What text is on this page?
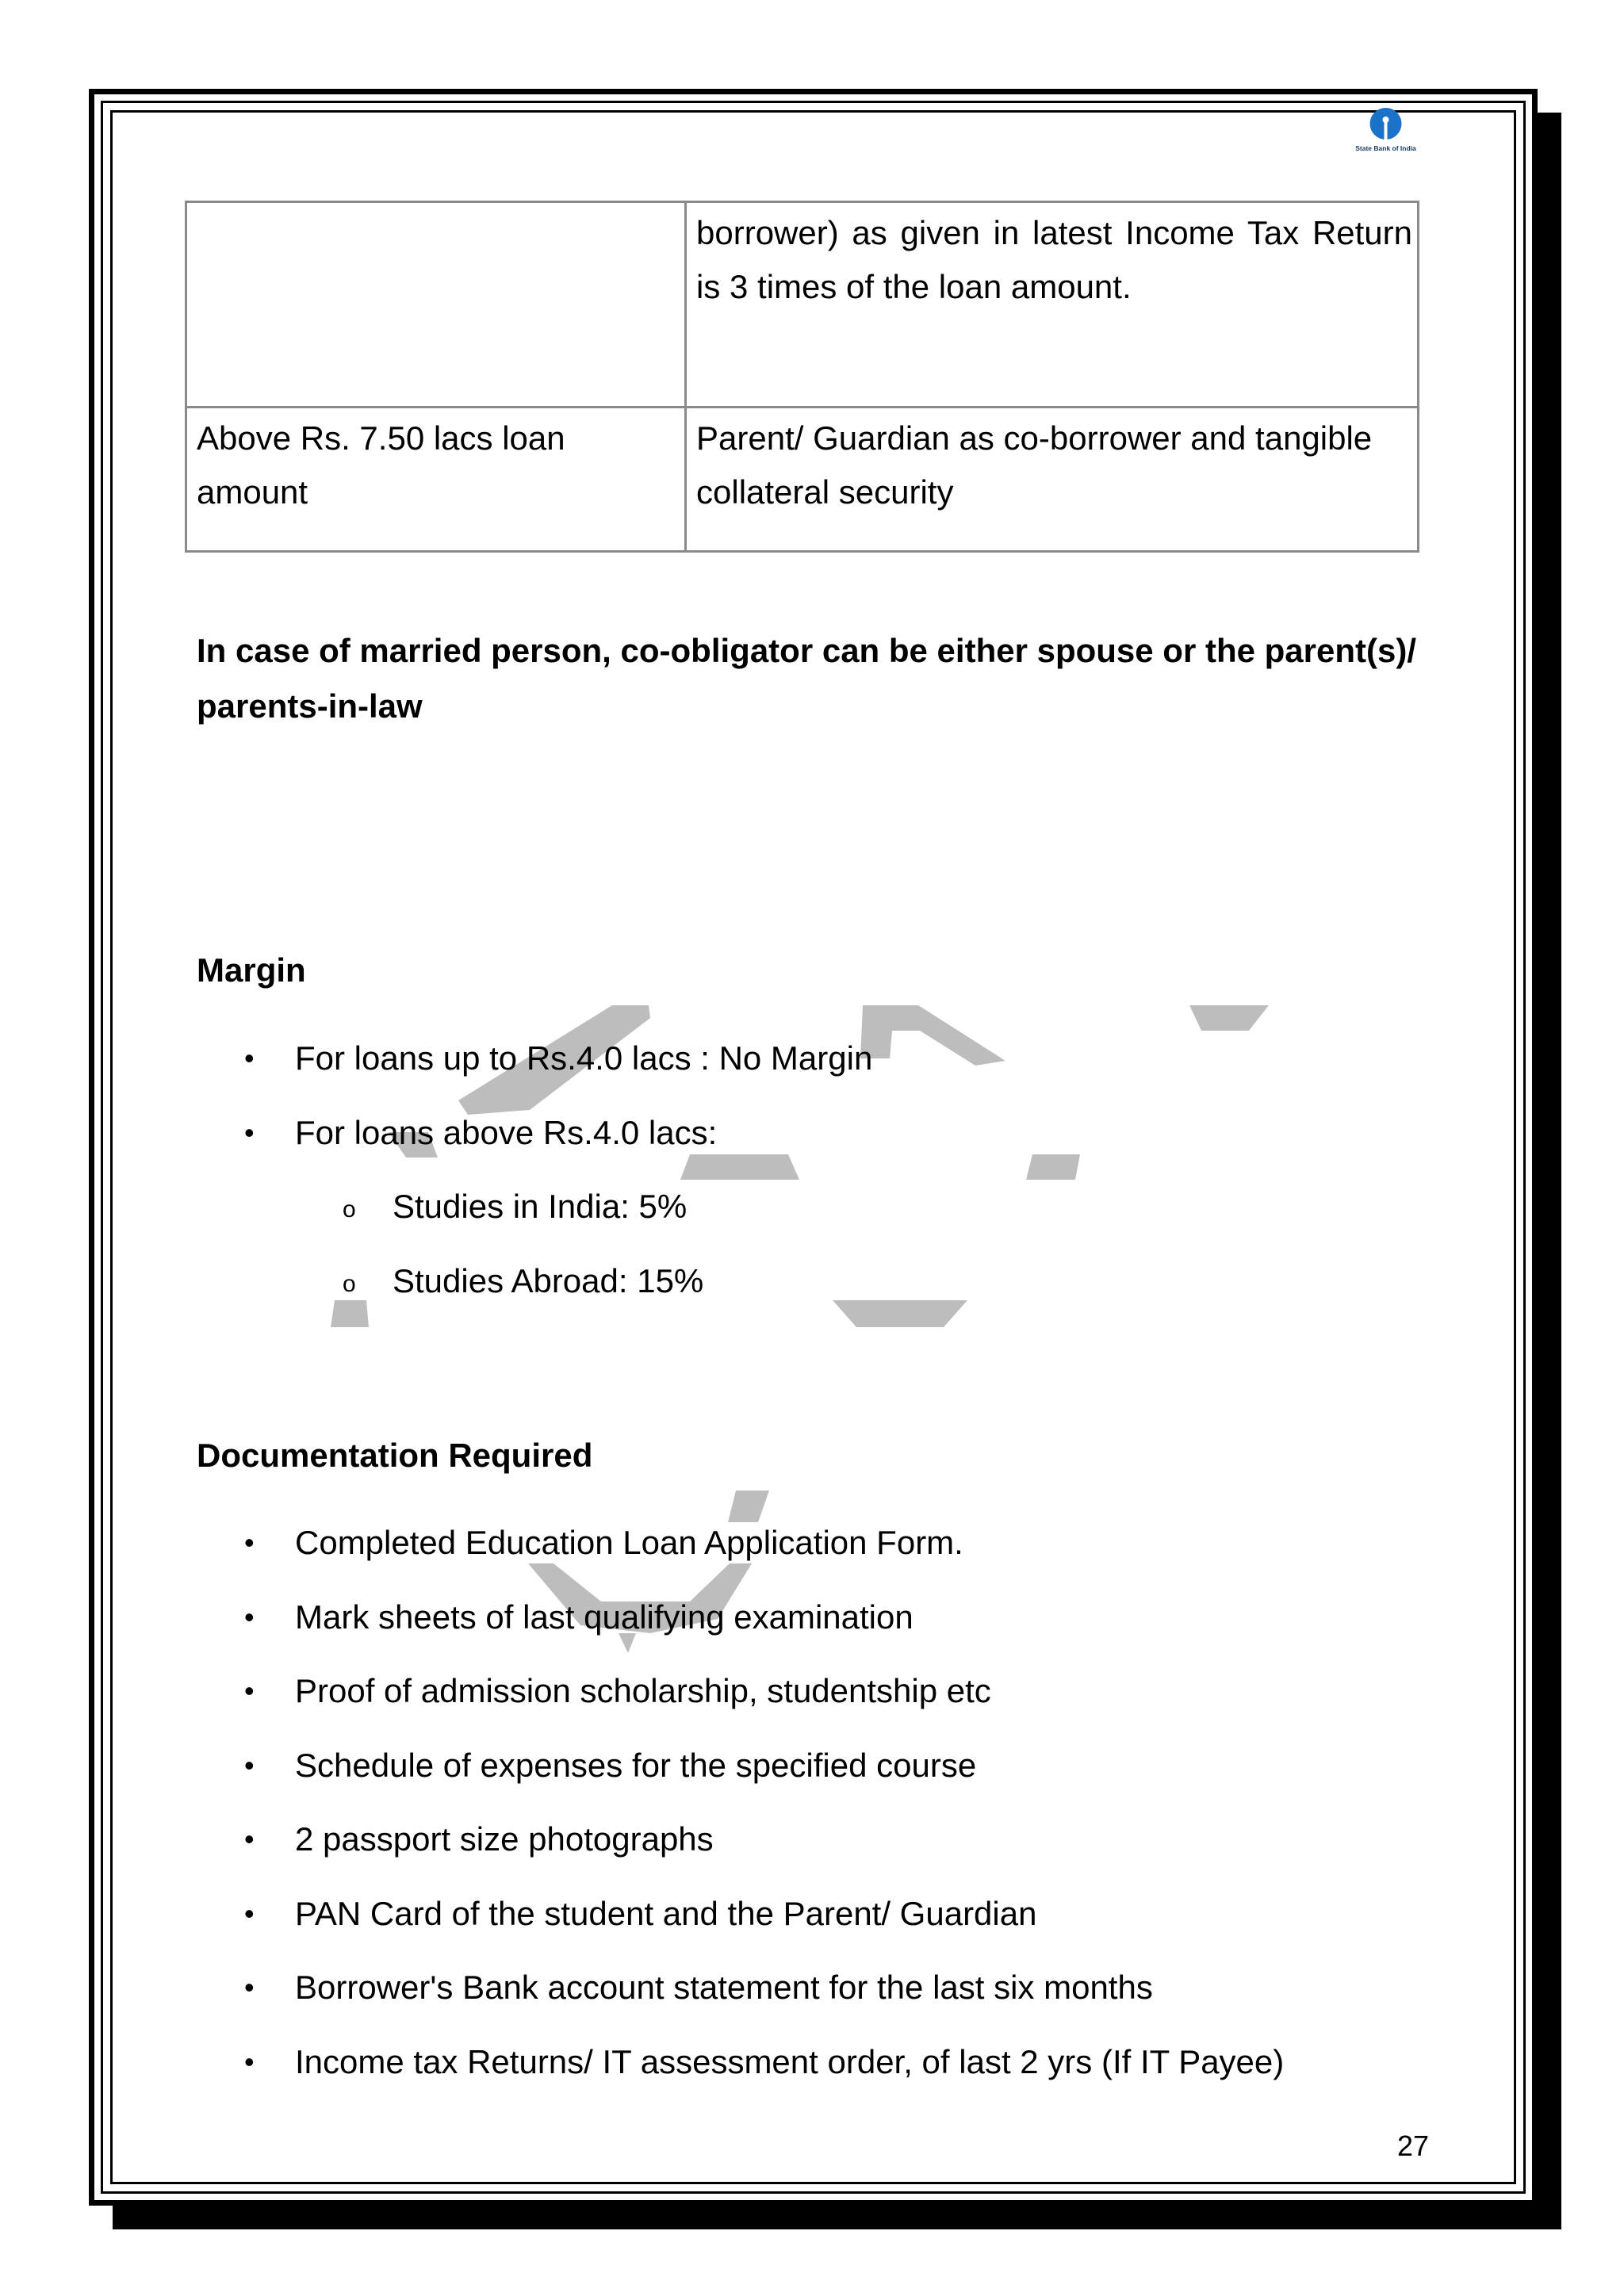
State Bank of India
	borrower) as given in latest Income Tax Return is 3 times of the loan amount.
Above Rs. 7.50 lacs loan amount	Parent/ Guardian as co-borrower and tangible collateral security
In case of married person, co-obligator can be either spouse or the parent(s)/ parents-in-law
Margin
• For loans up to Rs.4.0 lacs : No Margin
• For loans above Rs.4.0 lacs:
o Studies in India: 5%
o Studies Abroad: 15%
Documentation Required
• Completed Education Loan Application Form.
• Mark sheets of last qualifying examination
• Proof of admission scholarship, studentship etc
• Schedule of expenses for the specified course
• 2 passport size photographs
• PAN Card of the student and the Parent/ Guardian
• Borrower's Bank account statement for the last six months
• Income tax Returns/ IT assessment order, of last 2 yrs (If IT Payee)
27
